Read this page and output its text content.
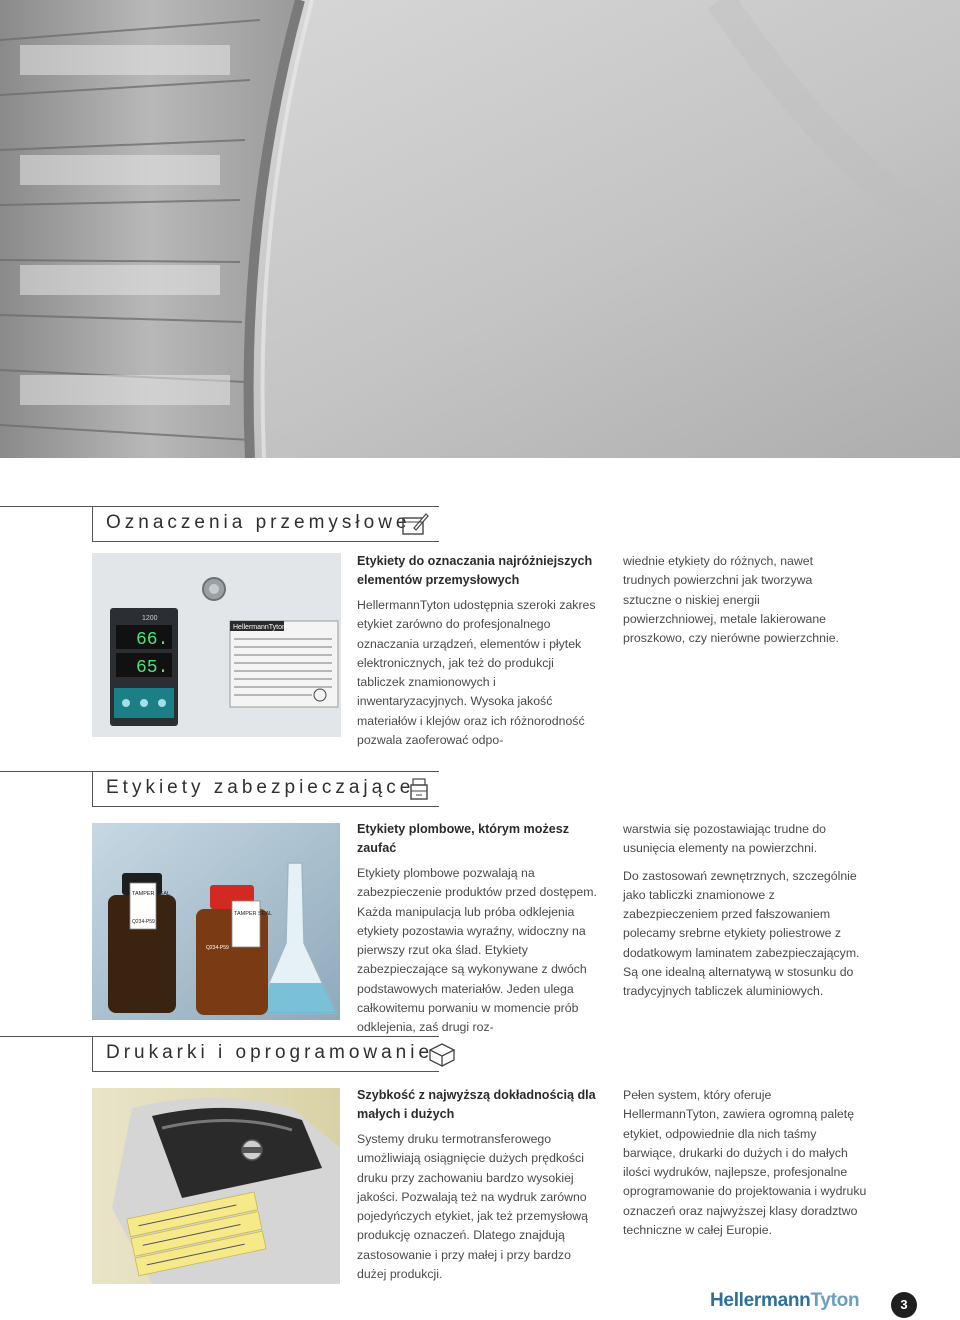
Oznaczenia przemysłowe
1200
66.
65.
HellermannTyton
Etykiety do oznaczania najróżniejszych elementów przemysłowych

HellermannTyton udostępnia szeroki zakres etykiet zarówno do profesjonalnego oznaczania urządzeń, elementów i płytek elektronicznych, jak też do produkcji tabliczek znamionowych i inwentaryzacyjnych. Wysoka jakość materiałów i klejów oraz ich różnorodność pozwala zaoferować odpo-

wiednie etykiety do różnych, nawet trudnych powierzchni jak tworzywa sztuczne o niskiej energii powierzchniowej, metale lakierowane proszkowo, czy nierówne powierzchnie.

Etykiety zabezpieczające
TAMPER SEAL
Q234-P59
TAMPER SEAL
Q234-P59
Etykiety plombowe, którym możesz zaufać

Etykiety plombowe pozwalają na zabezpieczenie produktów przed dostępem. Każda manipulacja lub próba odklejenia etykiety pozostawia wyraźny, widoczny na pierwszy rzut oka ślad. Etykiety zabezpieczające są wykonywane z dwóch podstawowych materiałów. Jeden ulega całkowitemu porwaniu w momencie prób odklejenia, zaś drugi roz-

warstwia się pozostawiając trudne do usunięcia elementy na powierzchni.

Do zastosowań zewnętrznych, szczególnie jako tabliczki znamionowe z zabezpieczeniem przed fałszowaniem polecamy srebrne etykiety poliestrowe z dodatkowym laminatem zabezpieczającym. Są one idealną alternatywą w stosunku do tradycyjnych tabliczek aluminiowych.

Drukarki i oprogramowanie
Szybkość z najwyższą dokładnością dla małych i dużych

Systemy druku termotransferowego umożliwiają osiągnięcie dużych prędkości druku przy zachowaniu bardzo wysokiej jakości. Pozwalają też na wydruk zarówno pojedyńczych etykiet, jak też przemysłową produkcję oznaczeń. Dlatego znajdują zastosowanie i przy małej i przy bardzo dużej produkcji.

Pełen system, który oferuje HellermannTyton, zawiera ogromną paletę etykiet, odpowiednie dla nich taśmy barwiące, drukarki do dużych i do małych ilości wydruków, najlepsze, profesjonalne oprogramowanie do projektowania i wydruku oznaczeń oraz najwyższej klasy doradztwo techniczne w całej Europie.

HellermannTyton	3
